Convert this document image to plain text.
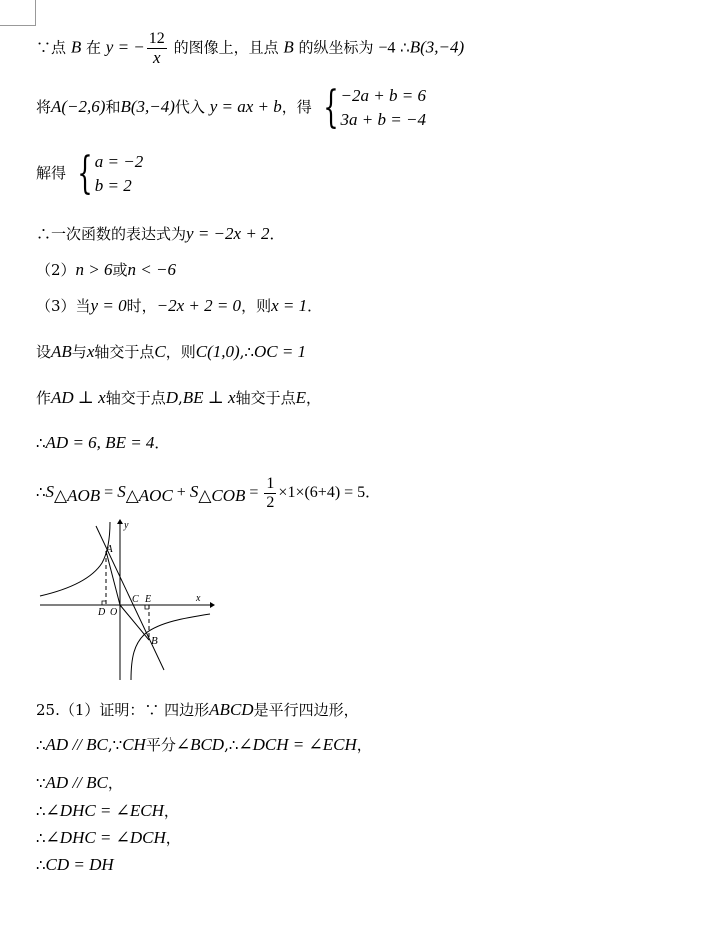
∵点 B 在 y = − $\frac{12}{x}$ 的图像上，且点 B 的纵坐标为 −4 ∴B(3,−4)
将A(−2,6)和B(3,−4)代入 y = ax + b，得 { −2a + b = 6
3a + b = −4
解得 { a = −2
b = 2
∴一次函数的表达式为y = −2x + 2．
（2）n > 6或n < −6
（3）当y = 0时，−2x + 2 = 0，则x = 1．
设AB与x轴交于点C，则C(1,0),∴OC = 1
作AD ⊥ x轴交于点D,BE ⊥ x轴交于点E，
∴AD = 6, BE = 4．
$\therefore S_{\triangle AOB} = S_{\triangle AOC} + S_{\triangle COB} = \frac{1}{2} \times 1\times(6+4) = 5$．
y
x
A
B
C E
D O
25.（1）证明：∵ 四边形ABCD是平行四边形，
∴AD // BC,∵CH平分∠BCD,∴∠DCH = ∠ECH，
∵AD // BC，
∴∠DHC = ∠ECH，
∴∠DHC = ∠DCH，
∴CD = DH
